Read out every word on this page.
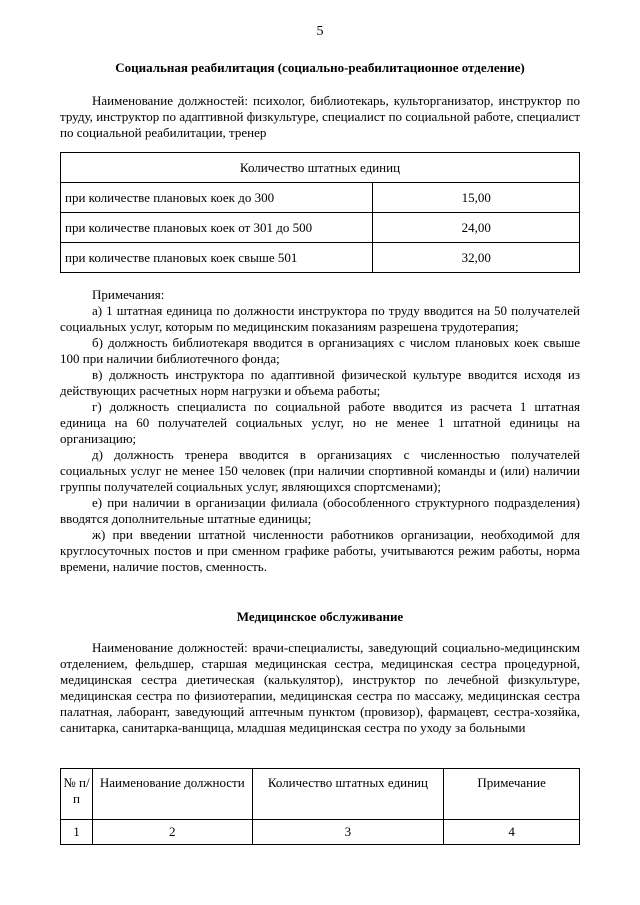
5
Социальная реабилитация (социально-реабилитационное отделение)
Наименование должностей: психолог, библиотекарь, культорганизатор, инструктор по труду, инструктор по адаптивной физкультуре, специалист по социальной работе, специалист по социальной реабилитации, тренер
Количество штатных единиц	
при количестве плановых коек до 300	15,00
при количестве плановых коек от 301 до 500	24,00
при количестве плановых коек свыше 501	32,00

Примечания:

а) 1 штатная единица по должности инструктора по труду вводится на 50 получателей социальных услуг, которым по медицинским показаниям разрешена трудотерапия;

б) должность библиотекаря вводится в организациях с числом плановых коек свыше 100 при наличии библиотечного фонда;

в) должность инструктора по адаптивной физической культуре вводится исходя из действующих расчетных норм нагрузки и объема работы;

г) должность специалиста по социальной работе вводится из расчета 1 штатная единица на 60 получателей социальных услуг, но не менее 1 штатной единицы на организацию;

д) должность тренера вводится в организациях с численностью получателей социальных услуг не менее 150 человек (при наличии спортивной команды и (или) наличии группы получателей социальных услуг, являющихся спортсменами);

е) при наличии в организации филиала (обособленного структурного подразделения) вводятся дополнительные штатные единицы;

ж) при введении штатной численности работников организации, необходимой для круглосуточных постов и при сменном графике работы, учитываются режим работы, норма времени, наличие постов, сменность.

Медицинское обслуживание
Наименование должностей: врачи-специалисты, заведующий социально-медицинским отделением, фельдшер, старшая медицинская сестра, медицинская сестра процедурной, медицинская сестра диетическая (калькулятор), инструктор по лечебной физкультуре, медицинская сестра по физиотерапии, медицинская сестра по массажу, медицинская сестра палатная, лаборант, заведующий аптечным пунктом (провизор), фармацевт, сестра-хозяйка, санитарка, санитарка-ванщица, младшая медицинская сестра по уходу за больными
№ п/п	Наименование должности	Количество штатных единиц	Примечание
1	2	3	4
